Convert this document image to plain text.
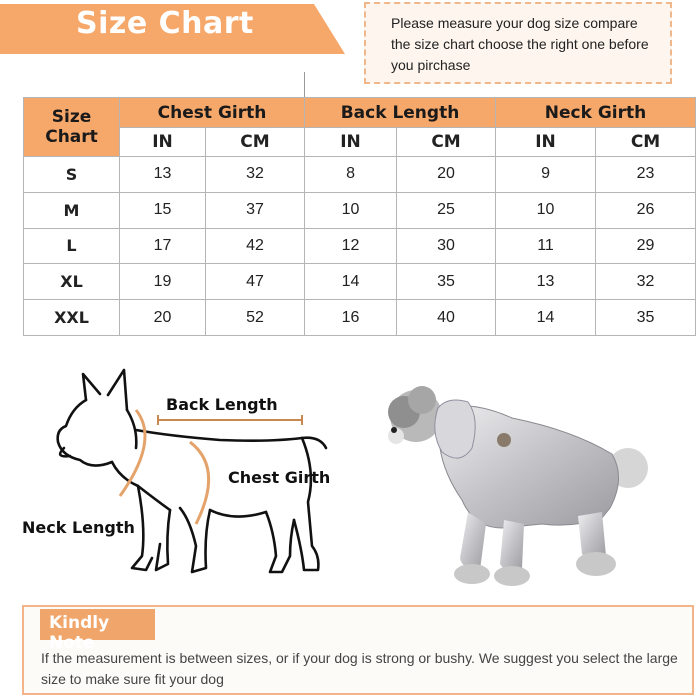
Size Chart	Please measure your dog size compare the size chart choose the right one before you pirchase
Size
Chart	Chest Girth		Back Length		Neck Girth	
	IN	CM	IN	CM	IN	CM
S	13	32	8	20	9	23
M	15	37	10	25	10	26
L	17	42	12	30	11	29
XL	19	47	14	35	13	32
XXL	20	52	16	40	14	35
Back Length
Chest Girth
Neck Length
Kindly Note
If the measurement is between sizes, or if your dog is strong or bushy. We suggest you select the large size to make sure fit your dog
